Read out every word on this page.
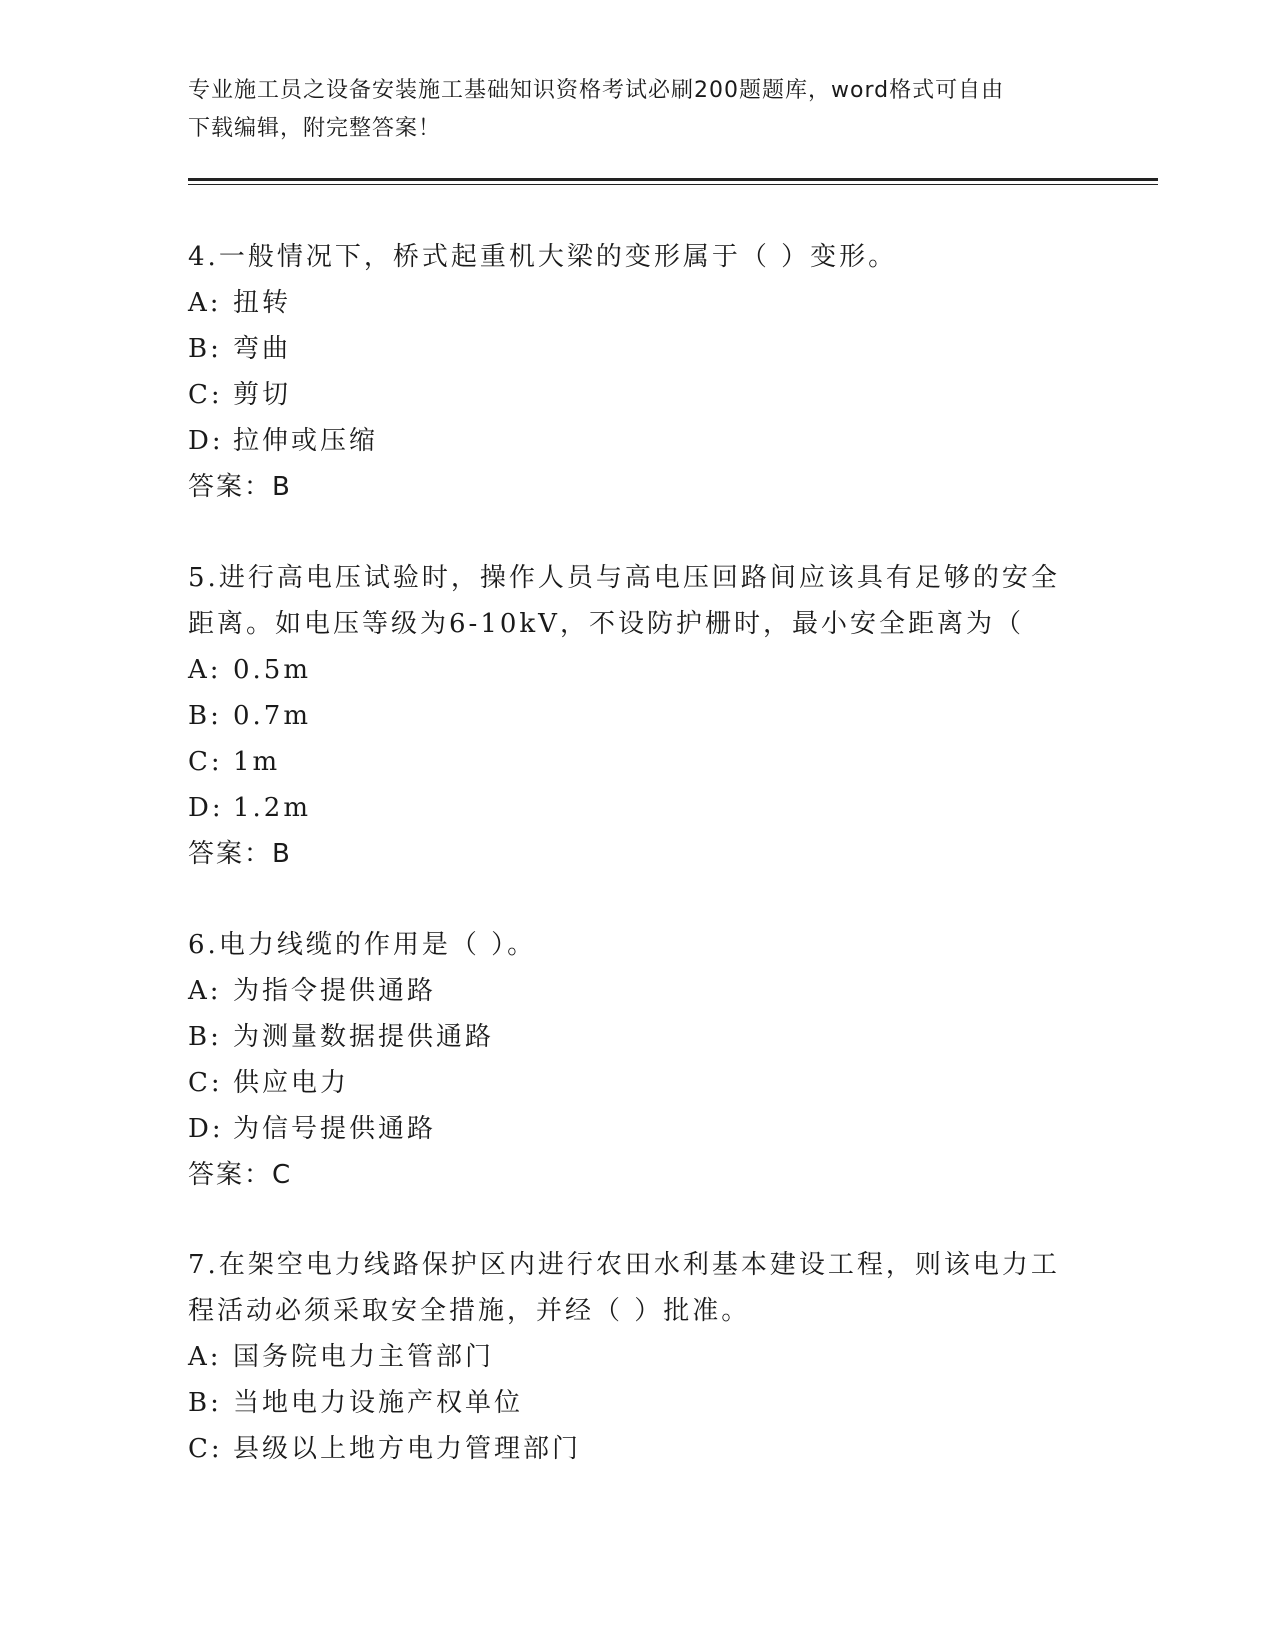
专业施工员之设备安装施工基础知识资格考试必刷200题题库，word格式可自由
下载编辑，附完整答案！

4.一般情况下，桥式起重机大梁的变形属于（ ）变形。

A: 扭转

B: 弯曲

C: 剪切

D: 拉伸或压缩

答案：B

5.进行高电压试验时，操作人员与高电压回路间应该具有足够的安全

距离。如电压等级为6-10kV，不设防护栅时，最小安全距离为（

A: 0.5m

B: 0.7m

C: 1m

D: 1.2m

答案：B

6.电力线缆的作用是（ ）。

A: 为指令提供通路

B: 为测量数据提供通路

C: 供应电力

D: 为信号提供通路

答案：C

7.在架空电力线路保护区内进行农田水利基本建设工程，则该电力工

程活动必须采取安全措施，并经（ ）批准。

A: 国务院电力主管部门

B: 当地电力设施产权单位

C: 县级以上地方电力管理部门
